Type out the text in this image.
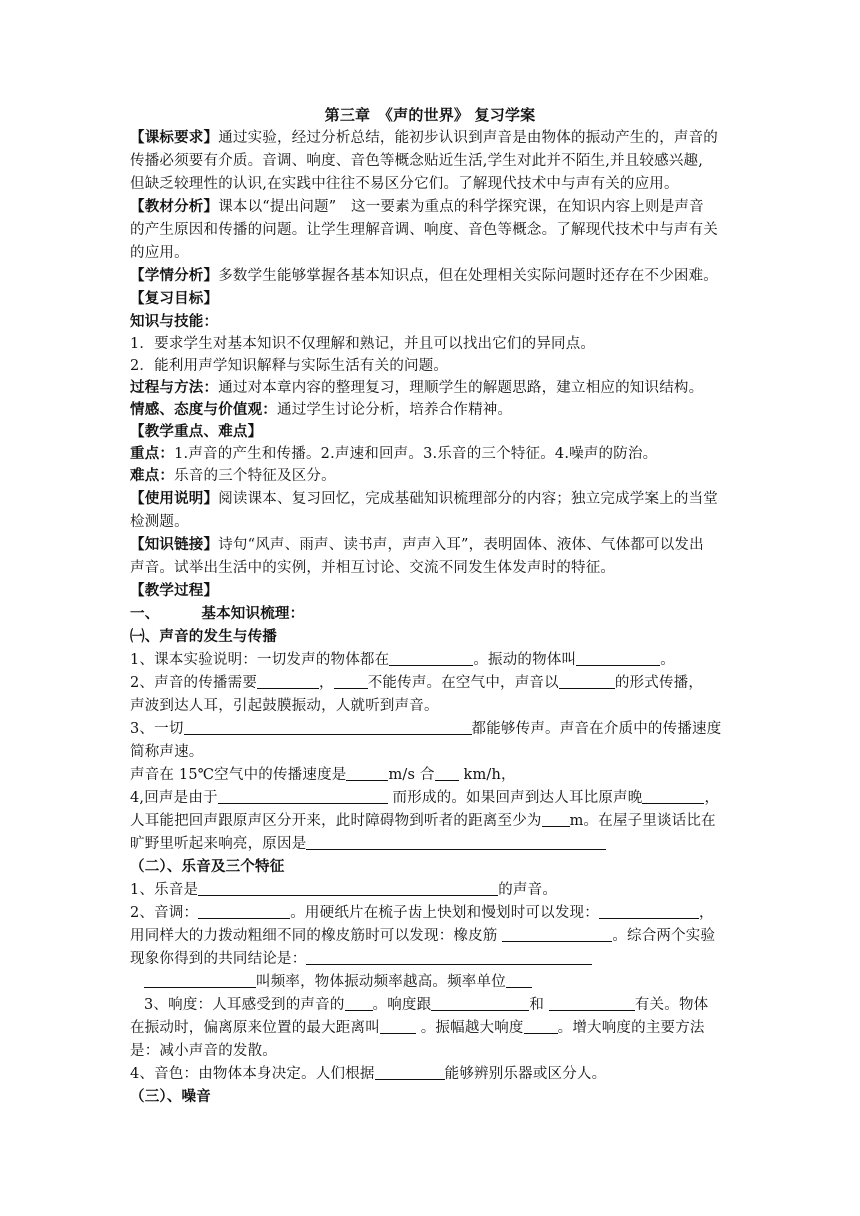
第三章　《声的世界》 复习学案
【课标要求】通过实验，经过分析总结，能初步认识到声音是由物体的振动产生的，声音的
传播必须要有介质。音调、响度、音色等概念贴近生活,学生对此并不陌生,并且较感兴趣,
但缺乏较理性的认识,在实践中往往不易区分它们。了解现代技术中与声有关的应用。
【教材分析】课本以“提出问题”　这一要素为重点的科学探究课，在知识内容上则是声音
的产生原因和传播的问题。让学生理解音调、响度、音色等概念。了解现代技术中与声有关
的应用。
【学情分析】多数学生能够掌握各基本知识点，但在处理相关实际问题时还存在不少困难。
【复习目标】
知识与技能：
1．要求学生对基本知识不仅理解和熟记，并且可以找出它们的异同点。
2．能利用声学知识解释与实际生活有关的问题。
过程与方法：通过对本章内容的整理复习，理顺学生的解题思路，建立相应的知识结构。
情感、态度与价值观：通过学生讨论分析，培养合作精神。
【教学重点、难点】
重点：1.声音的产生和传播。2.声速和回声。3.乐音的三个特征。4.噪声的防治。
难点：乐音的三个特征及区分。
【使用说明】阅读课本、复习回忆，完成基础知识梳理部分的内容；独立完成学案上的当堂
检测题。
【知识链接】诗句“风声、雨声、读书声，声声入耳”，表明固体、液体、气体都可以发出
声音。试举出生活中的实例，并相互讨论、交流不同发生体发声时的特征。
【教学过程】
一、	基本知识梳理：
㈠、声音的发生与传播
1、课本实验说明：一切发声的物体都在	。振动的物体叫	。
2、声音的传播需要	， 不能传声。在空气中，声音以	的形式传播，
声波到达人耳，引起鼓膜振动，人就听到声音。
3、一切	都能够传声。声音在介质中的传播速度
简称声速。
声音在 15℃空气中的传播速度是	m/s 合 km/h，
4,回声是由于	而形成的。如果回声到达人耳比原声晚	，
人耳能把回声跟原声区分开来，此时障碍物到听者的距离至少为 m。在屋子里谈话比在
旷野里听起来响亮，原因是
（二）、乐音及三个特征
1、乐音是	的声音。
2、音调：	。用硬纸片在梳子齿上快划和慢划时可以发现：	，
用同样大的力拨动粗细不同的橡皮筋时可以发现：橡皮筋	。综合两个实验
现象你得到的共同结论是：
叫频率，物体振动频率越高。频率单位
3、响度：人耳感受到的声音的 。响度跟	和	有关。物体
在振动时，偏离原来位置的最大距离叫 。振幅越大响度 。增大响度的主要方法
是：减小声音的发散。
4、音色：由物体本身决定。人们根据	能够辨别乐器或区分人。
（三）、噪音
